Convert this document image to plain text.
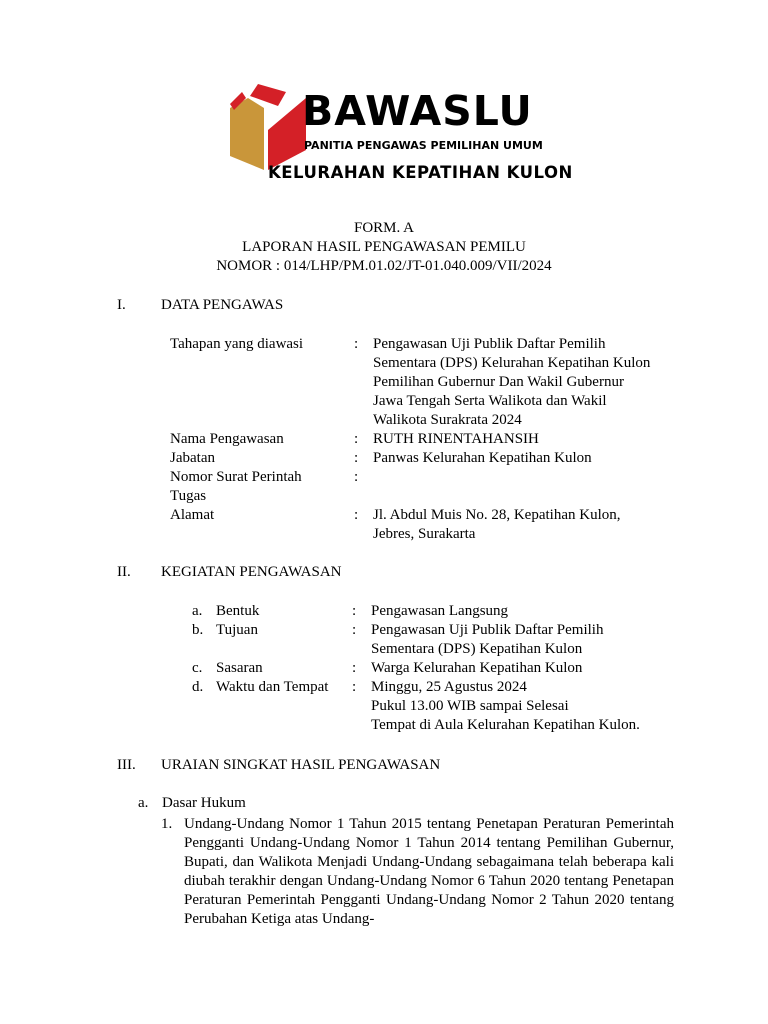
BAWASLU
PANITIA PENGAWAS PEMILIHAN UMUM
KELURAHAN KEPATIHAN KULON
FORM. A
LAPORAN HASIL PENGAWASAN PEMILU
NOMOR : 014/LHP/PM.01.02/JT-01.040.009/VII/2024
I. DATA PENGAWAS
Tahapan yang diawasi	: Pengawasan Uji Publik Daftar Pemilih
Sementara (DPS) Kelurahan Kepatihan Kulon
Pemilihan Gubernur Dan Wakil Gubernur
Jawa Tengah Serta Walikota dan Wakil
Walikota Surakrata 2024
Nama Pengawasan	: RUTH RINENTAHANSIH
Jabatan	: Panwas Kelurahan Kepatihan Kulon
Nomor Surat Perintah	:
Tugas
Alamat	: Jl. Abdul Muis No. 28, Kepatihan Kulon,
Jebres, Surakarta
II. KEGIATAN PENGAWASAN
a. Bentuk	: Pengawasan Langsung
b. Tujuan	: Pengawasan Uji Publik Daftar Pemilih
Sementara (DPS) Kepatihan Kulon
c. Sasaran	: Warga Kelurahan Kepatihan Kulon
d. Waktu dan Tempat : Minggu, 25 Agustus 2024
Pukul 13.00 WIB sampai Selesai
Tempat di Aula Kelurahan Kepatihan Kulon.
III. URAIAN SINGKAT HASIL PENGAWASAN
a. Dasar Hukum
1. Undang-Undang Nomor 1 Tahun 2015 tentang Penetapan Peraturan Pemerintah Pengganti Undang-Undang Nomor 1 Tahun 2014 tentang Pemilihan Gubernur, Bupati, dan Walikota Menjadi Undang-Undang sebagaimana telah beberapa kali diubah terakhir dengan Undang-Undang Nomor 6 Tahun 2020 tentang Penetapan Peraturan Pemerintah Pengganti Undang-Undang Nomor 2 Tahun 2020 tentang Perubahan Ketiga atas Undang-
